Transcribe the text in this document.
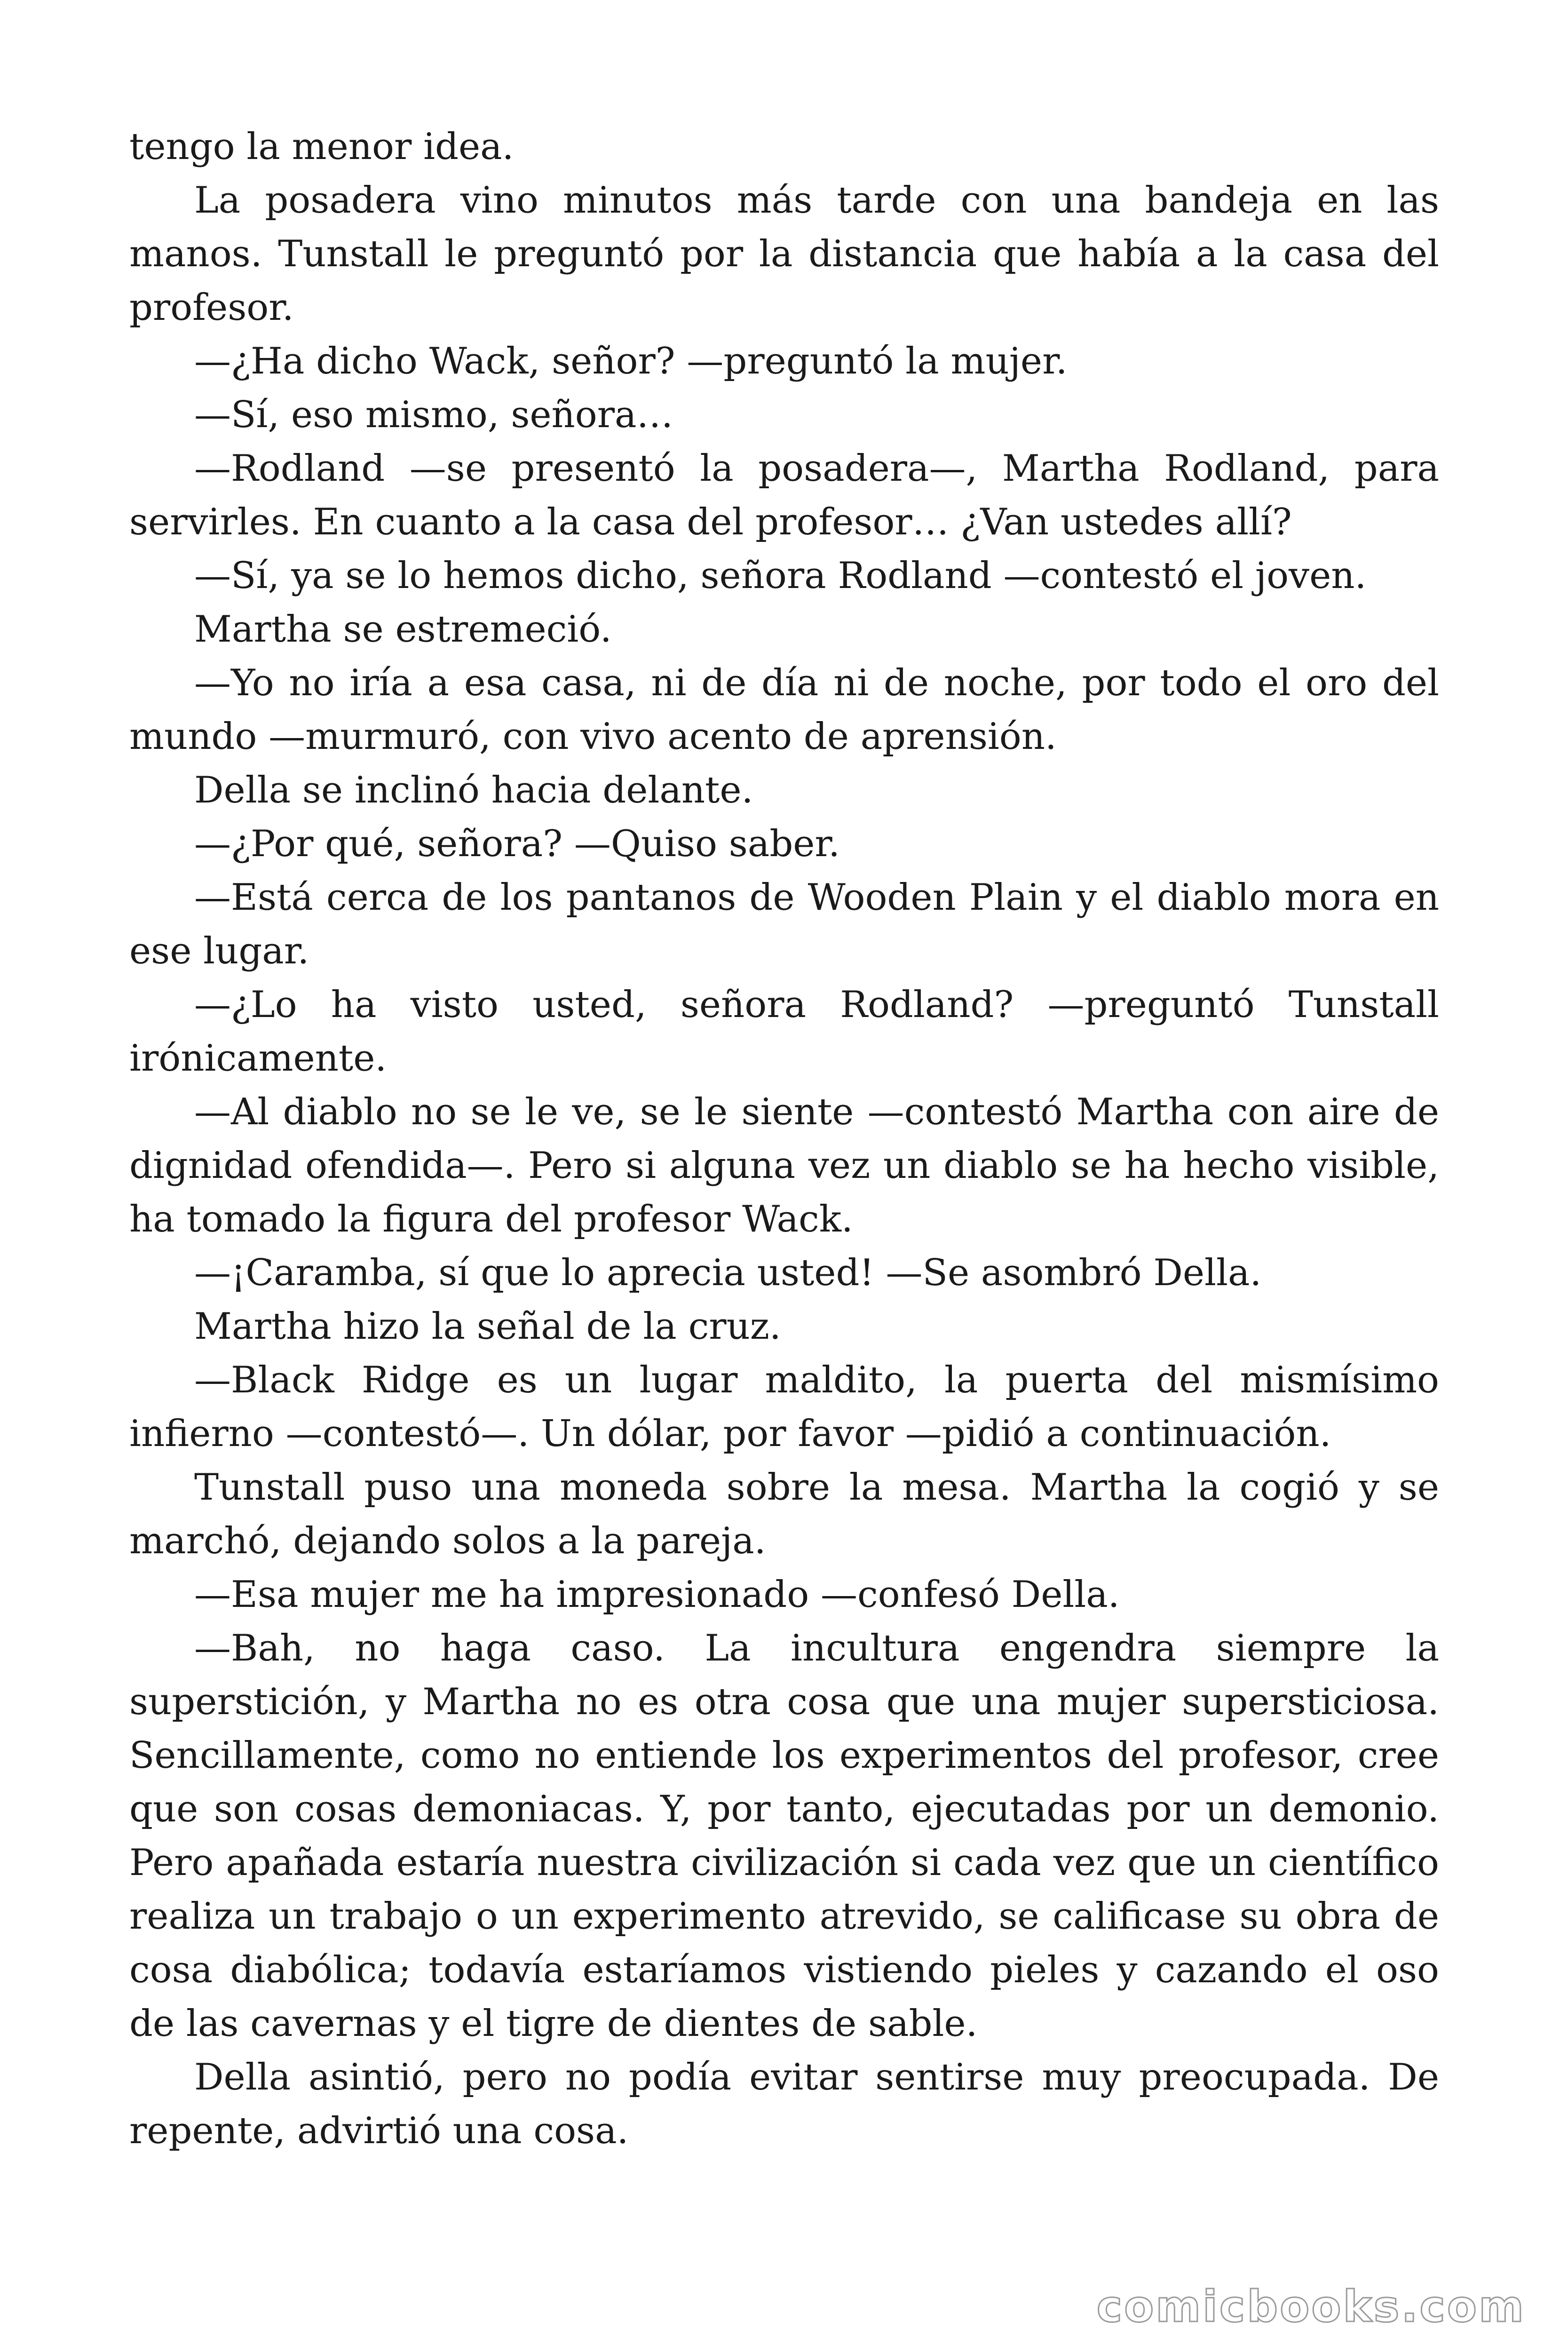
tengo la menor idea.

La posadera vino minutos más tarde con una bandeja en las manos. Tunstall le preguntó por la distancia que había a la casa del profesor.

—¿Ha dicho Wack, señor? —preguntó la mujer.

—Sí, eso mismo, señora…

—Rodland —se presentó la posadera—, Martha Rodland, para servirles. En cuanto a la casa del profesor… ¿Van ustedes allí?

—Sí, ya se lo hemos dicho, señora Rodland —contestó el joven.

Martha se estremeció.

—Yo no iría a esa casa, ni de día ni de noche, por todo el oro del mundo —murmuró, con vivo acento de aprensión.

Della se inclinó hacia delante.

—¿Por qué, señora? —Quiso saber.

—Está cerca de los pantanos de Wooden Plain y el diablo mora en ese lugar.

—¿Lo ha visto usted, señora Rodland? —preguntó Tunstall irónicamente.

—Al diablo no se le ve, se le siente —contestó Martha con aire de dignidad ofendida—. Pero si alguna vez un diablo se ha hecho visible, ha tomado la figura del profesor Wack.

—¡Caramba, sí que lo aprecia usted! —Se asombró Della.

Martha hizo la señal de la cruz.

—Black Ridge es un lugar maldito, la puerta del mismísimo infierno —contestó—. Un dólar, por favor —pidió a continuación.

Tunstall puso una moneda sobre la mesa. Martha la cogió y se marchó, dejando solos a la pareja.

—Esa mujer me ha impresionado —confesó Della.

—Bah, no haga caso. La incultura engendra siempre la superstición, y Martha no es otra cosa que una mujer supersticiosa. Sencillamente, como no entiende los experimentos del profesor, cree que son cosas demoniacas. Y, por tanto, ejecutadas por un demonio. Pero apañada estaría nuestra civilización si cada vez que un científico realiza un trabajo o un experimento atrevido, se calificase su obra de cosa diabólica; todavía estaríamos vistiendo pieles y cazando el oso de las cavernas y el tigre de dientes de sable.

Della asintió, pero no podía evitar sentirse muy preocupada. De repente, advirtió una cosa.

comicbooks.com
